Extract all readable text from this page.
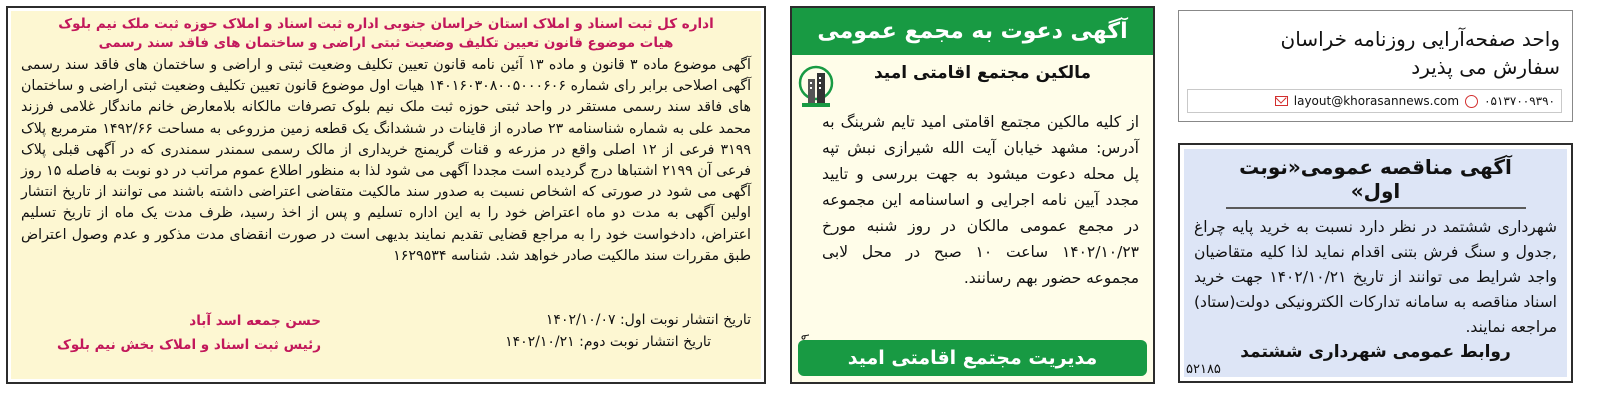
اداره کل ثبت اسناد و املاک استان خراسان جنوبی اداره ثبت اسناد و املاک حوزه ثبت ملک نیم بلوک
هیات موضوع قانون تعیین تکلیف وضعیت ثبتی اراضی و ساختمان های فاقد سند رسمی
آگهی موضوع ماده ۳ قانون و ماده ۱۳ آئین نامه قانون تعیین تکلیف وضعیت ثبتی و اراضی و ساختمان های فاقد سند رسمی آگهی اصلاحی برابر رای شماره ۱۴۰۱۶۰۳۰۸۰۰۵۰۰۰۶۰۶ هیات اول موضوع قانون تعیین تکلیف وضعیت ثبتی اراضی و ساختمان های فاقد سند رسمی مستقر در واحد ثبتی حوزه ثبت ملک نیم بلوک تصرفات مالکانه بلامعارض خانم ماندگار غلامی فرزند محمد علی به شماره شناسنامه ۲۳ صادره از قاینات در ششدانگ یک قطعه زمین مزروعی به مساحت ۱۴۹۲/۶۶ مترمربع پلاک ۳۱۹۹ فرعی از ۱۲ اصلی واقع در مزرعه و قنات گریمنج خریداری از مالک رسمی سمندر سمندری که در آگهی قبلی پلاک فرعی آن ۲۱۹۹ اشتباها درج گردیده است مجددا آگهی می شود لذا به منظور اطلاع عموم مراتب در دو نوبت به فاصله ۱۵ روز آگهی می شود در صورتی که اشخاص نسبت به صدور سند مالکیت متقاضی اعتراضی داشته باشند می توانند از تاریخ انتشار اولین آگهی به مدت دو ماه اعتراض خود را به این اداره تسلیم و پس از اخذ رسید، ظرف مدت یک ماه از تاریخ تسلیم اعتراض، دادخواست خود را به مراجع قضایی تقدیم نمایند بدیهی است در صورت انقضای مدت مذکور و عدم وصول اعتراض طبق مقررات سند مالکیت صادر خواهد شد. شناسه ۱۶۲۹۵۳۴
تاریخ انتشار نوبت اول: ۱۴۰۲/۱۰/۰۷
تاریخ انتشار نوبت دوم: ۱۴۰۲/۱۰/۲۱
حسن جمعه اسد آباد
رئیس ثبت اسناد و املاک بخش نیم بلوک
آگهی دعوت به مجمع عمومی
مالکین مجتمع اقامتی امید
از کلیه مالکین مجتمع اقامتی امید تایم شرینگ به آدرس: مشهد خیابان آیت الله شیرازی نبش تپه پل محله دعوت میشود به جهت بررسی و تایید مجدد آیین نامه اجرایی و اساسنامه این مجموعه در مجمع عمومی مالکان در روز شنبه مورخ ۱۴۰۲/۱۰/۲۳ ساعت ۱۰ صبح در محل لابی مجموعه حضور بهم رسانند.
مدیریت مجتمع اقامتی امید
واحد صفحه‌آرایی روزنامه خراسان
سفارش می پذیرد
layout@khorasannews.com ۰۵۱۳۷۰۰۹۳۹۰
آگهی مناقصه عمومی«نوبت اول»
شهرداری ششتمد در نظر دارد نسبت به خرید پایه چراغ ,جدول و سنگ فرش بتنی اقدام نماید لذا کلیه متقاضیان واجد شرایط می توانند از تاریخ ۱۴۰۲/۱۰/۲۱ جهت خرید اسناد مناقصه به سامانه تدارکات الکترونیکی دولت(ستاد) مراجعه نمایند.
روابط عمومی شهرداری ششتمد
۵۲۱۸۵
